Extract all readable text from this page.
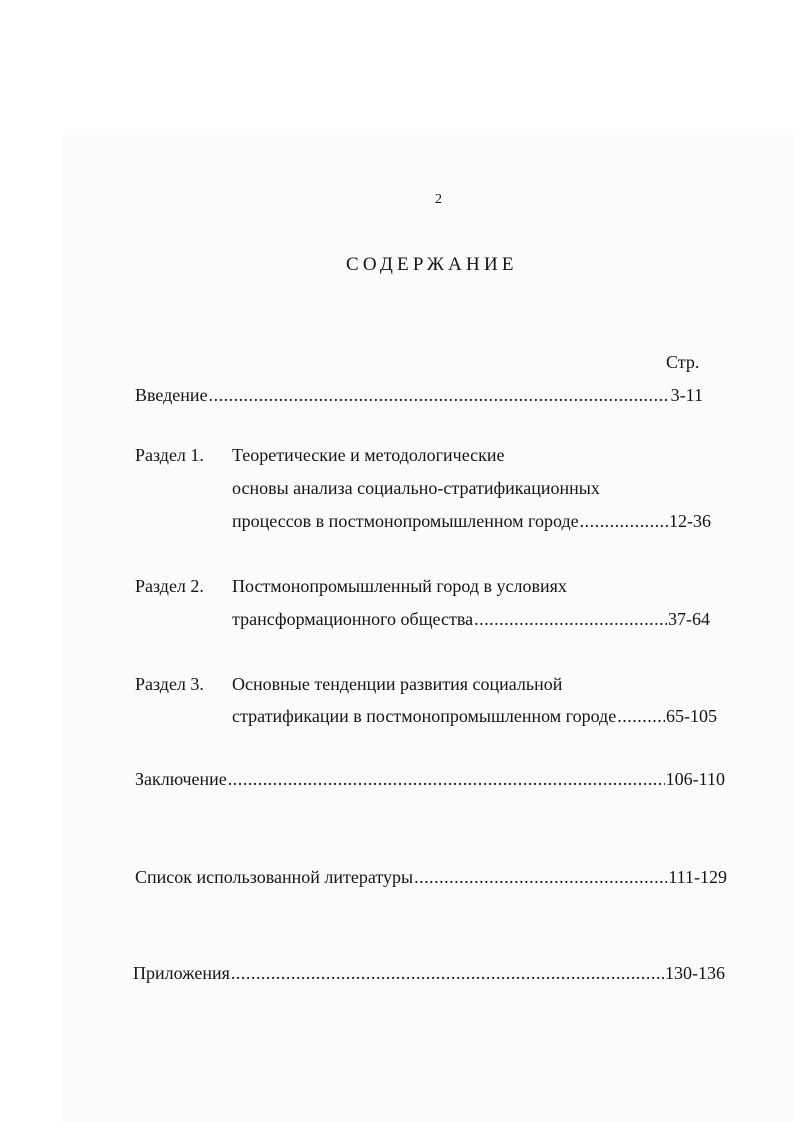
2
СОДЕРЖАНИЕ
Стр.
Введение .....	3-11
Раздел 1. Теоретические и методологические
основы анализа социально-стратификационных
процессов в постмонопромышленном городе .....	12-36
Раздел 2. Постмонопромышленный город в условиях
трансформационного общества .....	37-64
Раздел 3. Основные тенденции развития социальной
стратификации в постмонопромышленном городе .....	65-105
Заключение .....	106-110
Список использованной литературы .....	111-129
Приложения .....	130-136
